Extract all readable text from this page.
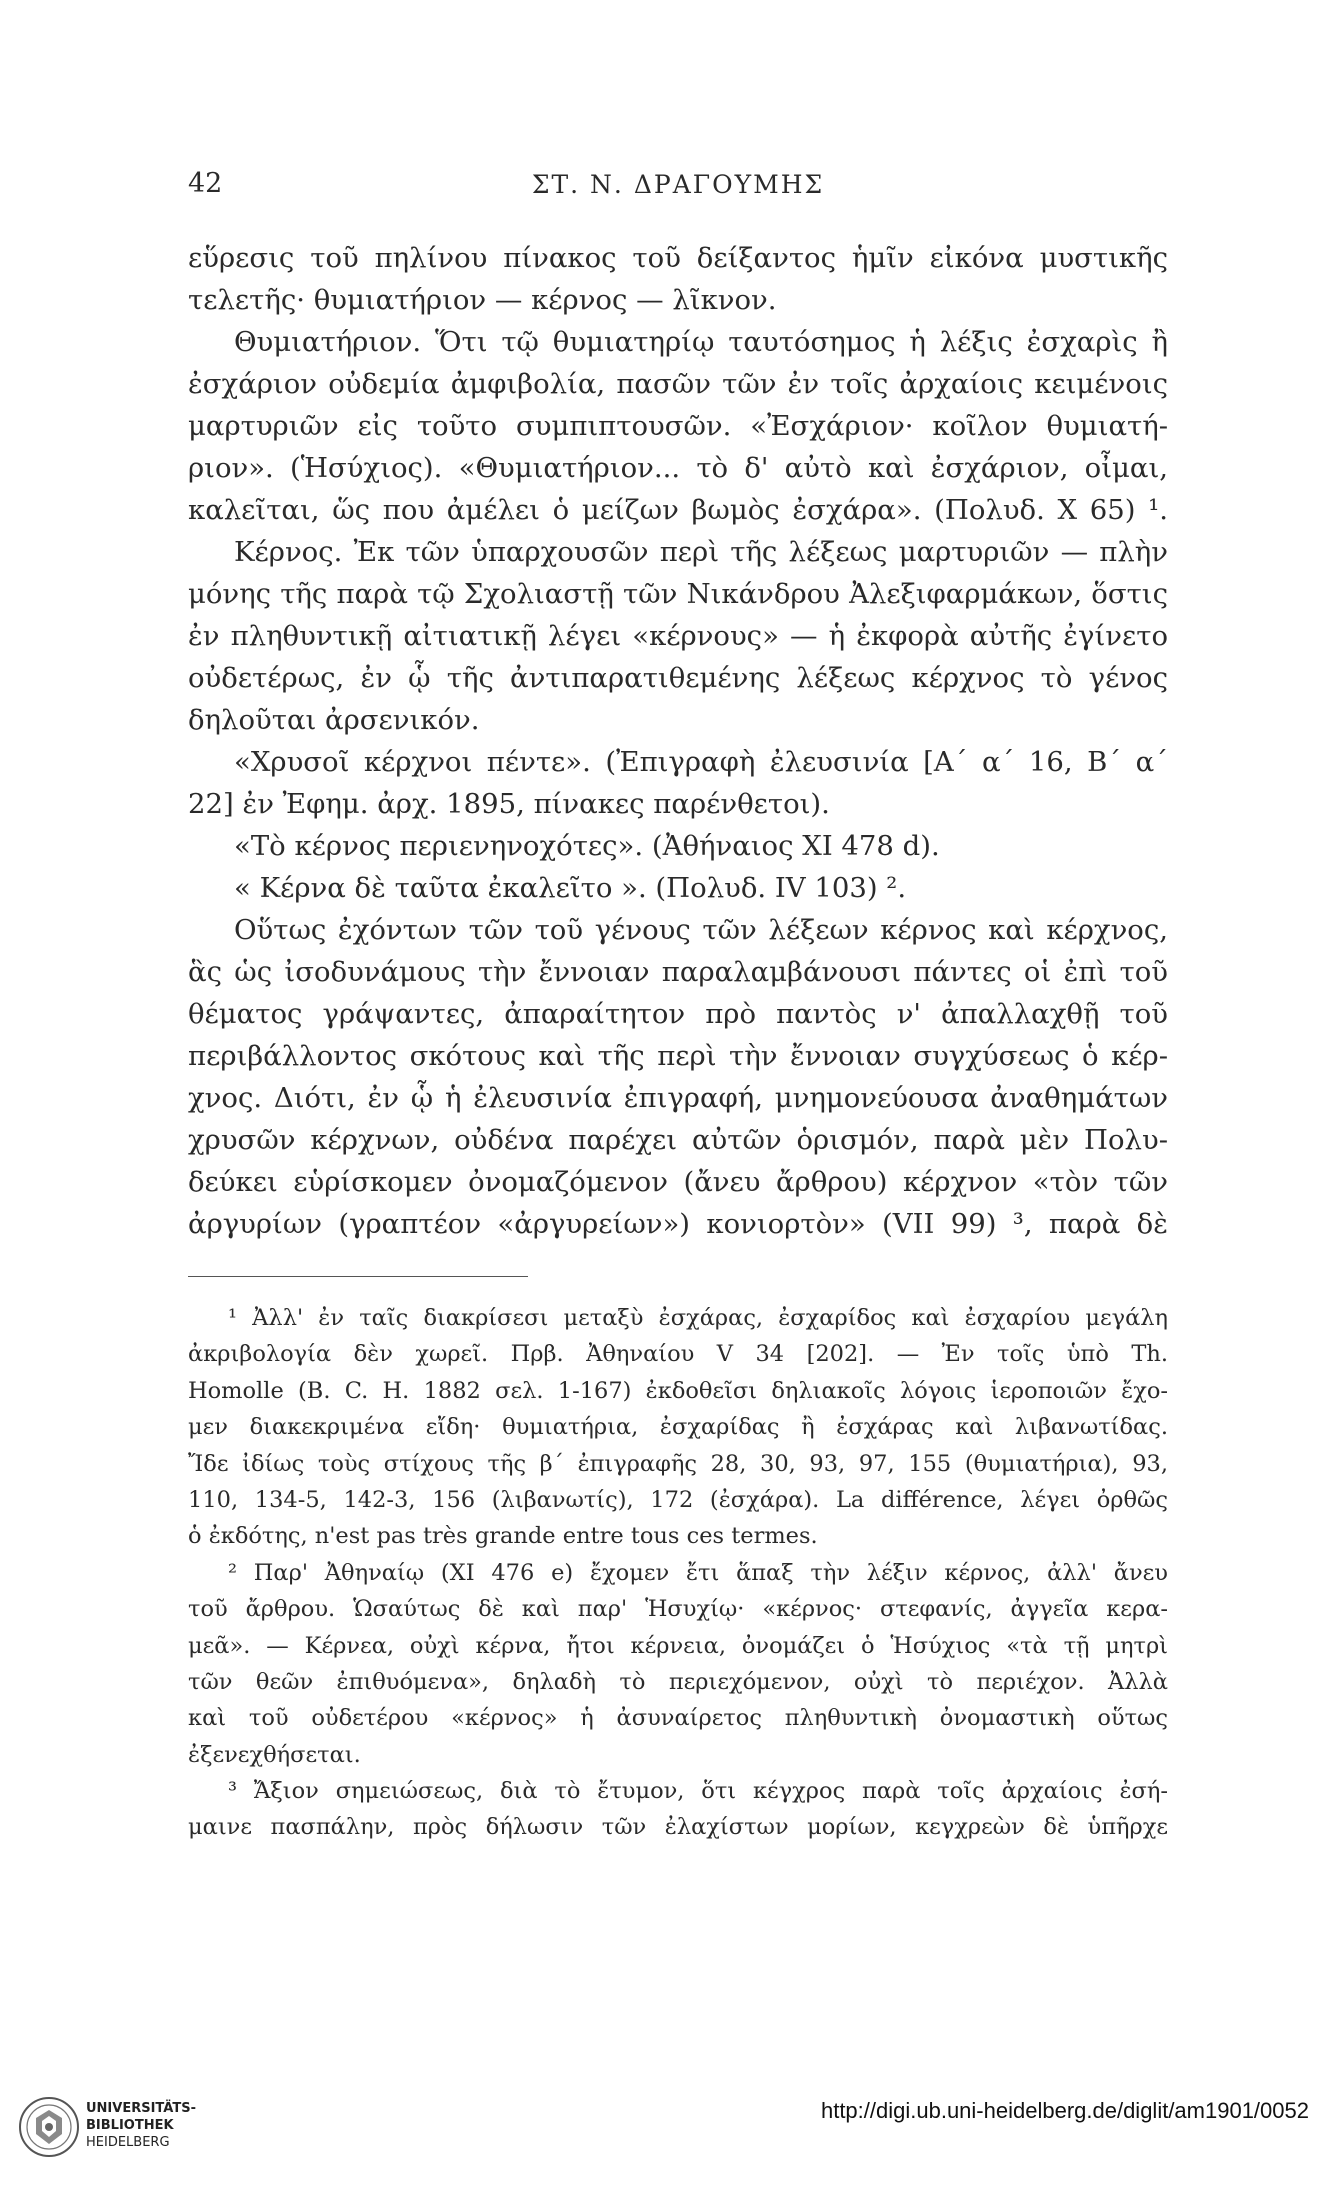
42	ΣΤ. Ν. ΔΡΑΓΟΥΜΗΣ
εὕρεσις τοῦ πηλίνου πίνακος τοῦ δείξαντος ἡμῖν εἰκόνα μυστικῆς
τελετῆς· θυμιατήριον — κέρνος — λῖκνον.
Θυμιατήριον. Ὅτι τῷ θυμιατηρίῳ ταυτόσημος ἡ λέξις ἐσχαρὶς ἢ
ἐσχάριον οὐδεμία ἀμφιβολία, πασῶν τῶν ἐν τοῖς ἀρχαίοις κειμένοις
μαρτυριῶν εἰς τοῦτο συμπιπτουσῶν. «Ἐσχάριον· κοῖλον θυμιατή-
ριον». (Ἡσύχιος). «Θυμιατήριον... τὸ δ' αὐτὸ καὶ ἐσχάριον, οἶμαι,
καλεῖται, ὥς που ἀμέλει ὁ μείζων βωμὸς ἐσχάρα». (Πολυδ. Χ 65) ¹.
Κέρνος. Ἐκ τῶν ὑπαρχουσῶν περὶ τῆς λέξεως μαρτυριῶν — πλὴν
μόνης τῆς παρὰ τῷ Σχολιαστῇ τῶν Νικάνδρου Ἀλεξιφαρμάκων, ὅστις
ἐν πληθυντικῇ αἰτιατικῇ λέγει «κέρνους» — ἡ ἐκφορὰ αὐτῆς ἐγίνετο
οὐδετέρως, ἐν ᾧ τῆς ἀντιπαρατιθεμένης λέξεως κέρχνος τὸ γένος
δηλοῦται ἀρσενικόν.
«Χρυσοῖ κέρχνοι πέντε». (Ἐπιγραφὴ ἐλευσινία [Α´ α´ 16, Β´ α´
22] ἐν Ἐφημ. ἀρχ. 1895, πίνακες παρένθετοι).
«Τὸ κέρνος περιενηνοχότες». (Ἀθήναιος XI 478 d).
« Κέρνα δὲ ταῦτα ἐκαλεῖτο ». (Πολυδ. IV 103) ².
Οὕτως ἐχόντων τῶν τοῦ γένους τῶν λέξεων κέρνος καὶ κέρχνος,
ἃς ὡς ἰσοδυνάμους τὴν ἔννοιαν παραλαμβάνουσι πάντες οἱ ἐπὶ τοῦ
θέματος γράψαντες, ἀπαραίτητον πρὸ παντὸς ν' ἀπαλλαχθῇ τοῦ
περιβάλλοντος σκότους καὶ τῆς περὶ τὴν ἔννοιαν συγχύσεως ὁ κέρ-
χνος. Διότι, ἐν ᾧ ἡ ἐλευσινία ἐπιγραφή, μνημονεύουσα ἀναθημάτων
χρυσῶν κέρχνων, οὐδένα παρέχει αὐτῶν ὁρισμόν, παρὰ μὲν Πολυ-
δεύκει εὑρίσκομεν ὀνομαζόμενον (ἄνευ ἄρθρου) κέρχνον «τὸν τῶν
ἀργυρίων (γραπτέον «ἀργυρείων») κονιορτὸν» (VII 99) ³, παρὰ δὲ
¹ Ἀλλ' ἐν ταῖς διακρίσεσι μεταξὺ ἐσχάρας, ἐσχαρίδος καὶ ἐσχαρίου μεγάλη
ἀκριβολογία δὲν χωρεῖ. Πρβ. Ἀθηναίου V 34 [202]. — Ἐν τοῖς ὑπὸ Th.
Homolle (B. C. H. 1882 σελ. 1-167) ἐκδοθεῖσι δηλιακοῖς λόγοις ἱεροποιῶν ἔχο-
μεν διακεκριμένα εἴδη· θυμιατήρια, ἐσχαρίδας ἢ ἐσχάρας καὶ λιβανωτίδας.
Ἴδε ἰδίως τοὺς στίχους τῆς β´ ἐπιγραφῆς 28, 30, 93, 97, 155 (θυμιατήρια), 93,
110, 134-5, 142-3, 156 (λιβανωτίς), 172 (ἐσχάρα). La différence, λέγει ὀρθῶς
ὁ ἐκδότης, n'est pas très grande entre tous ces termes.
² Παρ' Ἀθηναίῳ (XI 476 e) ἔχομεν ἔτι ἅπαξ τὴν λέξιν κέρνος, ἀλλ' ἄνευ
τοῦ ἄρθρου. Ὡσαύτως δὲ καὶ παρ' Ἡσυχίῳ· «κέρνος· στεφανίς, ἀγγεῖα κερα-
μεᾶ». — Κέρνεα, οὐχὶ κέρνα, ἤτοι κέρνεια, ὀνομάζει ὁ Ἡσύχιος «τὰ τῇ μητρὶ
τῶν θεῶν ἐπιθυόμενα», δηλαδὴ τὸ περιεχόμενον, οὐχὶ τὸ περιέχον. Ἀλλὰ
καὶ τοῦ οὐδετέρου «κέρνος» ἡ ἀσυναίρετος πληθυντικὴ ὀνομαστικὴ οὕτως
ἐξενεχθήσεται.
³ Ἄξιον σημειώσεως, διὰ τὸ ἔτυμον, ὅτι κέγχρος παρὰ τοῖς ἀρχαίοις ἐσή-
μαινε πασπάλην, πρὸς δήλωσιν τῶν ἐλαχίστων μορίων, κεγχρεὼν δὲ ὑπῆρχε
UNIVERSITÄTS-
BIBLIOTHEK
HEIDELBERG
http://digi.ub.uni-heidelberg.de/diglit/am1901/0052
